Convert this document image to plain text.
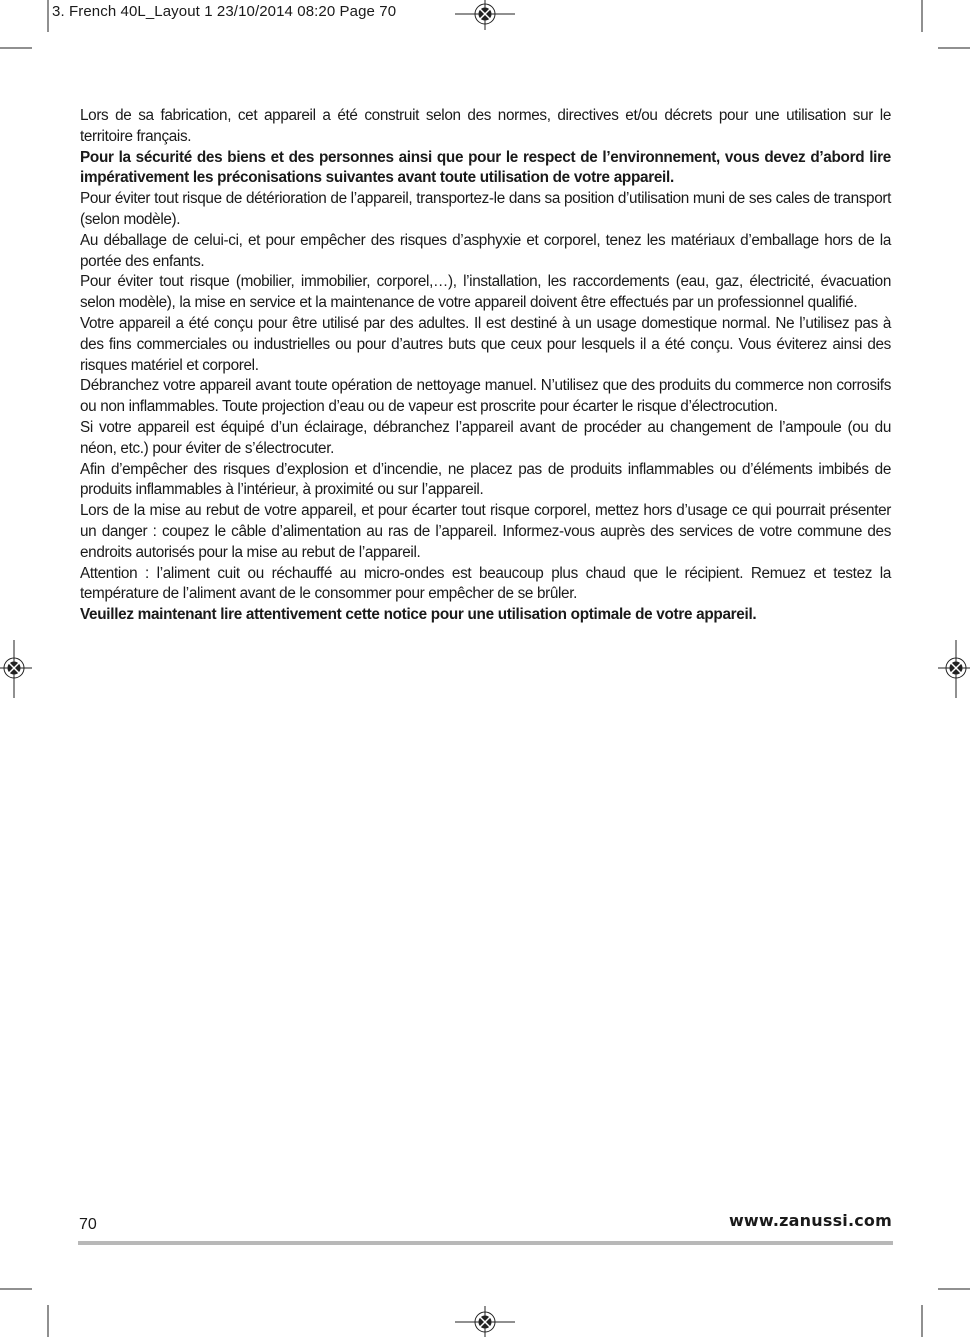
3. French 40L_Layout 1 23/10/2014 08:20 Page 70

Lors de sa fabrication, cet appareil a été construit selon des normes, directives et/ou décrets pour une utilisation sur le territoire français.

Pour la sécurité des biens et des personnes ainsi que pour le respect de l’environnement, vous devez d’abord lire impérativement les préconisations suivantes avant toute utilisation de votre appareil.

Pour éviter tout risque de détérioration de l’appareil, transportez-le dans sa position d’utilisation muni de ses cales de transport (selon modèle).

Au déballage de celui-ci, et pour empêcher des risques d’asphyxie et corporel, tenez les matériaux d’emballage hors de la portée des enfants.

Pour éviter tout risque (mobilier, immobilier, corporel,…), l’installation, les raccordements (eau, gaz, électricité, évacuation selon modèle), la mise en service et la maintenance de votre appareil doivent être effectués par un professionnel qualifié.

Votre appareil a été conçu pour être utilisé par des adultes. Il est destiné à un usage domestique normal. Ne l’utilisez pas à des fins commerciales ou industrielles ou pour d’autres buts que ceux pour lesquels il a été conçu. Vous éviterez ainsi des risques matériel et corporel.

Débranchez votre appareil avant toute opération de nettoyage manuel. N’utilisez que des produits du commerce non corrosifs ou non inflammables. Toute projection d’eau ou de vapeur est proscrite pour écarter le risque d’électrocution.

Si votre appareil est équipé d’un éclairage, débranchez l’appareil avant de procéder au changement de l’ampoule (ou du néon, etc.) pour éviter de s’électrocuter.

Afin d’empêcher des risques d’explosion et d’incendie, ne placez pas de produits inflammables ou d’éléments imbibés de produits inflammables à l’intérieur, à proximité ou sur l’appareil.

Lors de la mise au rebut de votre appareil, et pour écarter tout risque corporel, mettez hors d’usage ce qui pourrait présenter un danger : coupez le câble d’alimentation au ras de l’appareil. Informez-vous auprès des services de votre commune des endroits autorisés pour la mise au rebut de l’appareil.

Attention : l’aliment cuit ou réchauffé au micro-ondes est beaucoup plus chaud que le récipient. Remuez et testez la température de l’aliment avant de le consommer pour empêcher de se brûler.

Veuillez maintenant lire attentivement cette notice pour une utilisation optimale de votre appareil.

70	www.zanussi.com
